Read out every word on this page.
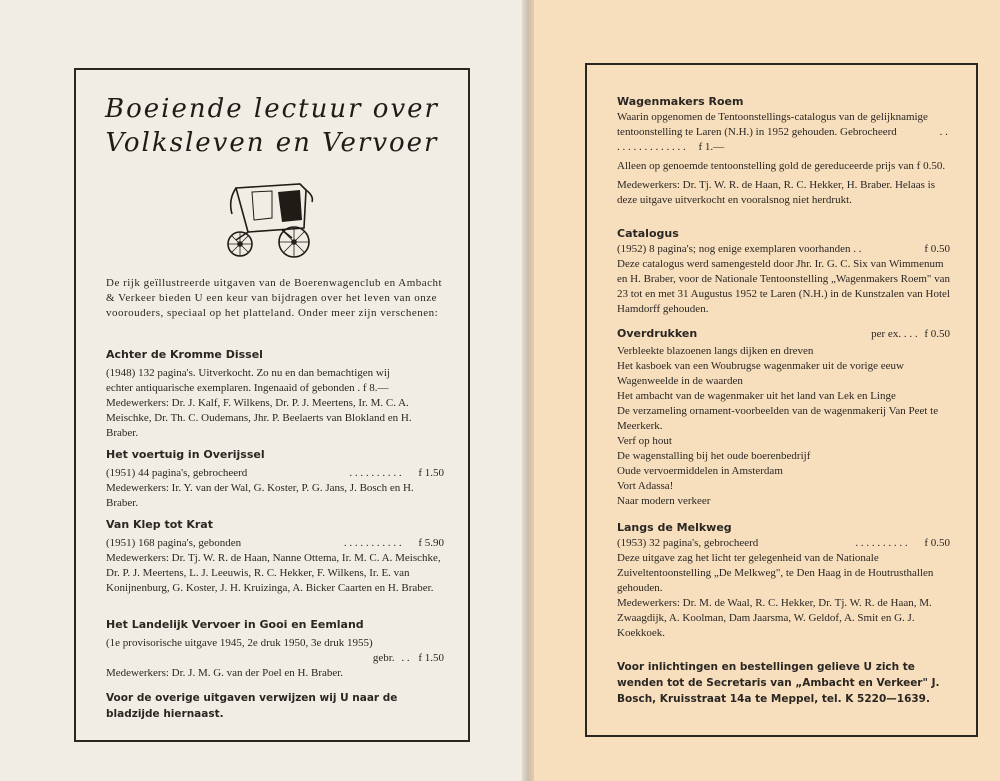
Boeiende lectuur over
Volksleven en Vervoer
De rijk geïllustreerde uitgaven van de Boerenwagenclub en Ambacht & Verkeer bieden U een keur van bijdragen over het leven van onze voorouders, speciaal op het platteland. Onder meer zijn verschenen:
Achter de Kromme Dissel
(1948) 132 pagina's. Uitverkocht. Zo nu en dan bemachtigen wij
echter antiquarische exemplaren. Ingenaaid of gebonden . f 8.—
Medewerkers: Dr. J. Kalf, F. Wilkens, Dr. P. J. Meertens, Ir. M. C. A. Meischke, Dr. Th. C. Oudemans, Jhr. P. Beelaerts van Blokland en H. Braber.
Het voertuig in Overijssel
(1951) 44 pagina's, gebrocheerd	. . . . . . . . . . f 1.50
Medewerkers: Ir. Y. van der Wal, G. Koster, P. G. Jans, J. Bosch en H. Braber.
Van Klep tot Krat
(1951) 168 pagina's, gebonden	. . . . . . . . . . . f 5.90
Medewerkers: Dr. Tj. W. R. de Haan, Nanne Ottema, Ir. M. C. A. Meischke, Dr. P. J. Meertens, L. J. Leeuwis, R. C. Hekker, F. Wilkens, Ir. E. van Konijnenburg, G. Koster, J. H. Kruizinga, A. Bicker Caarten en H. Braber.
Het Landelijk Vervoer in Gooi en Eemland
(1e provisorische uitgave 1945, 2e druk 1950, 3e druk 1955)
gebr. . . f 1.50
Medewerkers: Dr. J. M. G. van der Poel en H. Braber.
Voor de overige uitgaven verwijzen wij U naar de bladzijde hiernaast.
Wagenmakers Roem
Waarin opgenomen de Tentoonstellings-catalogus van de gelijknamige tentoonstelling te Laren (N.H.) in 1952 gehouden. Gebrocheerd	. . . . . . . . . . . . . . . f 1.—
Alleen op genoemde tentoonstelling gold de gereduceerde prijs van f 0.50.
Medewerkers: Dr. Tj. W. R. de Haan, R. C. Hekker, H. Braber. Helaas is deze uitgave uitverkocht en vooralsnog niet herdrukt.
Catalogus
(1952) 8 pagina's; nog enige exemplaren voorhanden . .	f 0.50
Deze catalogus werd samengesteld door Jhr. Ir. G. C. Six van Wimmenum en H. Braber, voor de Nationale Tentoonstelling „Wagenmakers Roem" van 23 tot en met 31 Augustus 1952 te Laren (N.H.) in de Kunstzalen van Hotel Hamdorff gehouden.
Overdrukken	per ex. . . . f 0.50
Verbleekte blazoenen langs dijken en dreven
Het kasboek van een Woubrugse wagenmaker uit de vorige eeuw
Wagenweelde in de waarden
Het ambacht van de wagenmaker uit het land van Lek en Linge
De verzameling ornament-voorbeelden van de wagenmakerij Van Peet te Meerkerk.
Verf op hout
De wagenstalling bij het oude boerenbedrijf
Oude vervoermiddelen in Amsterdam
Vort Adassa!
Naar modern verkeer
Langs de Melkweg
(1953) 32 pagina's, gebrocheerd	. . . . . . . . . . f 0.50
Deze uitgave zag het licht ter gelegenheid van de Nationale Zuiveltentoonstelling „De Melkweg", te Den Haag in de Houtrusthallen gehouden.
Medewerkers: Dr. M. de Waal, R. C. Hekker, Dr. Tj. W. R. de Haan, M. Zwaagdijk, A. Koolman, Dam Jaarsma, W. Geldof, A. Smit en G. J. Koekkoek.
Voor inlichtingen en bestellingen gelieve U zich te wenden tot de Secretaris van „Ambacht en Verkeer" J. Bosch, Kruisstraat 14a te Meppel, tel. K 5220—1639.
